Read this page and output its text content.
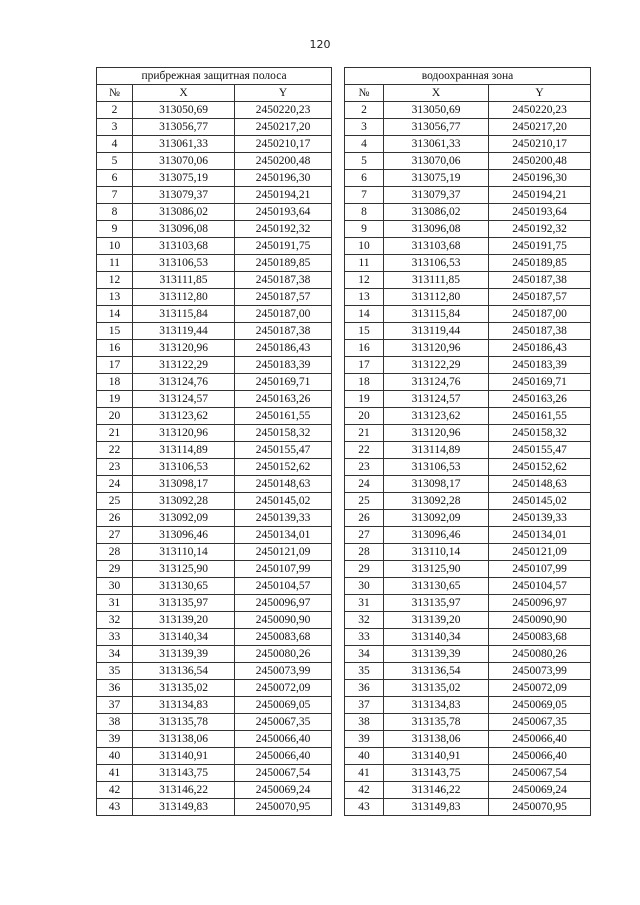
120
прибрежная защитная полоса				водоохранная зона		
№	X	Y		№	X	Y
2	313050,69	2450220,23		2	313050,69	2450220,23
3	313056,77	2450217,20		3	313056,77	2450217,20
4	313061,33	2450210,17		4	313061,33	2450210,17
5	313070,06	2450200,48		5	313070,06	2450200,48
6	313075,19	2450196,30		6	313075,19	2450196,30
7	313079,37	2450194,21		7	313079,37	2450194,21
8	313086,02	2450193,64		8	313086,02	2450193,64
9	313096,08	2450192,32		9	313096,08	2450192,32
10	313103,68	2450191,75		10	313103,68	2450191,75
11	313106,53	2450189,85		11	313106,53	2450189,85
12	313111,85	2450187,38		12	313111,85	2450187,38
13	313112,80	2450187,57		13	313112,80	2450187,57
14	313115,84	2450187,00		14	313115,84	2450187,00
15	313119,44	2450187,38		15	313119,44	2450187,38
16	313120,96	2450186,43		16	313120,96	2450186,43
17	313122,29	2450183,39		17	313122,29	2450183,39
18	313124,76	2450169,71		18	313124,76	2450169,71
19	313124,57	2450163,26		19	313124,57	2450163,26
20	313123,62	2450161,55		20	313123,62	2450161,55
21	313120,96	2450158,32		21	313120,96	2450158,32
22	313114,89	2450155,47		22	313114,89	2450155,47
23	313106,53	2450152,62		23	313106,53	2450152,62
24	313098,17	2450148,63		24	313098,17	2450148,63
25	313092,28	2450145,02		25	313092,28	2450145,02
26	313092,09	2450139,33		26	313092,09	2450139,33
27	313096,46	2450134,01		27	313096,46	2450134,01
28	313110,14	2450121,09		28	313110,14	2450121,09
29	313125,90	2450107,99		29	313125,90	2450107,99
30	313130,65	2450104,57		30	313130,65	2450104,57
31	313135,97	2450096,97		31	313135,97	2450096,97
32	313139,20	2450090,90		32	313139,20	2450090,90
33	313140,34	2450083,68		33	313140,34	2450083,68
34	313139,39	2450080,26		34	313139,39	2450080,26
35	313136,54	2450073,99		35	313136,54	2450073,99
36	313135,02	2450072,09		36	313135,02	2450072,09
37	313134,83	2450069,05		37	313134,83	2450069,05
38	313135,78	2450067,35		38	313135,78	2450067,35
39	313138,06	2450066,40		39	313138,06	2450066,40
40	313140,91	2450066,40		40	313140,91	2450066,40
41	313143,75	2450067,54		41	313143,75	2450067,54
42	313146,22	2450069,24		42	313146,22	2450069,24
43	313149,83	2450070,95		43	313149,83	2450070,95
